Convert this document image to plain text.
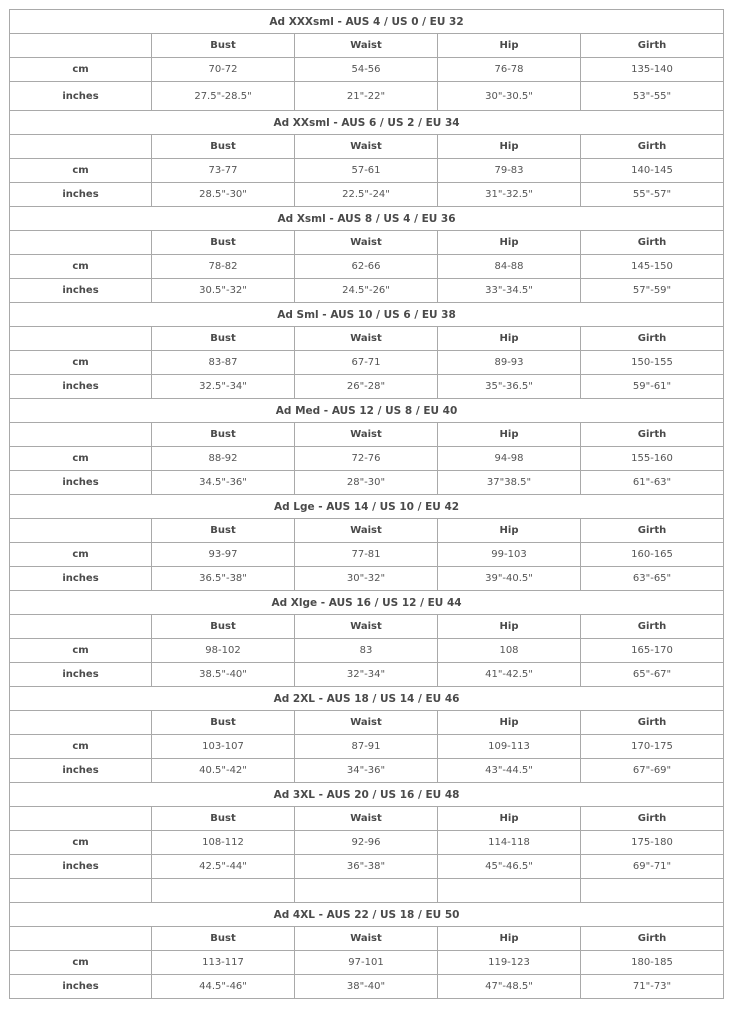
Ad XXXsml - AUS 4 / US 0 / EU 32				
	Bust	Waist	Hip	Girth
cm	70-72	54-56	76-78	135-140
inches	27.5"-28.5"	21"-22"	30"-30.5"	53"-55"
Ad XXsml - AUS 6 / US 2 / EU 34				
	Bust	Waist	Hip	Girth
cm	73-77	57-61	79-83	140-145
inches	28.5"-30"	22.5"-24"	31"-32.5"	55"-57"
Ad Xsml - AUS 8 / US 4 / EU 36				
	Bust	Waist	Hip	Girth
cm	78-82	62-66	84-88	145-150
inches	30.5"-32"	24.5"-26"	33"-34.5"	57"-59"
Ad Sml - AUS 10 / US 6 / EU 38				
	Bust	Waist	Hip	Girth
cm	83-87	67-71	89-93	150-155
inches	32.5"-34"	26"-28"	35"-36.5"	59"-61"
Ad Med - AUS 12 / US 8 / EU 40				
	Bust	Waist	Hip	Girth
cm	88-92	72-76	94-98	155-160
inches	34.5"-36"	28"-30"	37"38.5"	61"-63"
Ad Lge - AUS 14 / US 10 / EU 42				
	Bust	Waist	Hip	Girth
cm	93-97	77-81	99-103	160-165
inches	36.5"-38"	30"-32"	39"-40.5"	63"-65"
Ad Xlge - AUS 16 / US 12 / EU 44				
	Bust	Waist	Hip	Girth
cm	98-102	83	108	165-170
inches	38.5"-40"	32"-34"	41"-42.5"	65"-67"
Ad 2XL - AUS 18 / US 14 / EU 46				
	Bust	Waist	Hip	Girth
cm	103-107	87-91	109-113	170-175
inches	40.5"-42"	34"-36"	43"-44.5"	67"-69"
Ad 3XL - AUS 20 / US 16 / EU 48				
	Bust	Waist	Hip	Girth
cm	108-112	92-96	114-118	175-180
inches	42.5"-44"	36"-38"	45"-46.5"	69"-71"

Ad 4XL - AUS 22 / US 18 / EU 50				
	Bust	Waist	Hip	Girth
cm	113-117	97-101	119-123	180-185
inches	44.5"-46"	38"-40"	47"-48.5"	71"-73"
